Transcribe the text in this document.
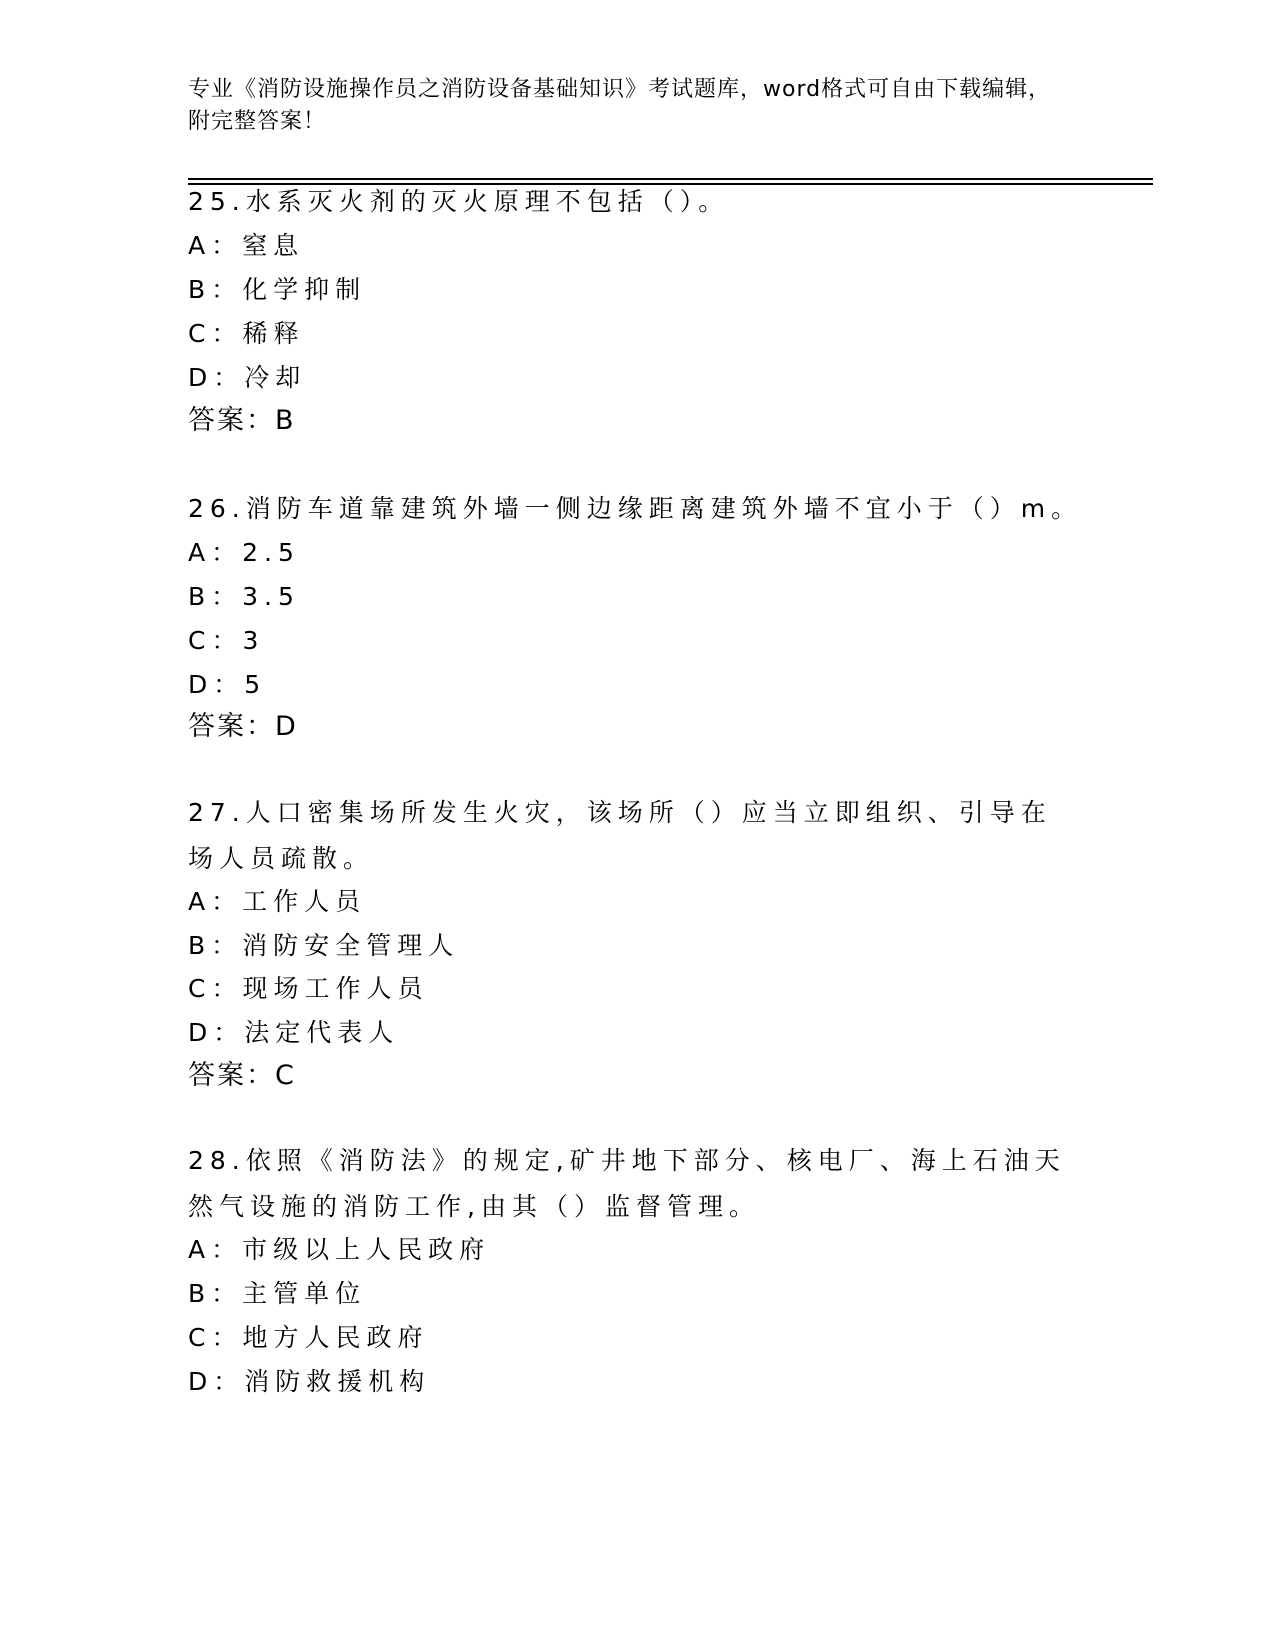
专业《消防设施操作员之消防设备基础知识》考试题库，word格式可自由下载编辑，附完整答案！
25.水系灭火剂的灭火原理不包括（）。
A：窒息
B：化学抑制
C：稀释
D：冷却
答案：B
26.消防车道靠建筑外墙一侧边缘距离建筑外墙不宜小于（）m。
A：2.5
B：3.5
C：3
D：5
答案：D
27.人口密集场所发生火灾，该场所（）应当立即组织、引导在场人员疏散。
A：工作人员
B：消防安全管理人
C：现场工作人员
D：法定代表人
答案：C
28.依照《消防法》的规定,矿井地下部分、核电厂、海上石油天然气设施的消防工作,由其（）监督管理。
A：市级以上人民政府
B：主管单位
C：地方人民政府
D：消防救援机构
